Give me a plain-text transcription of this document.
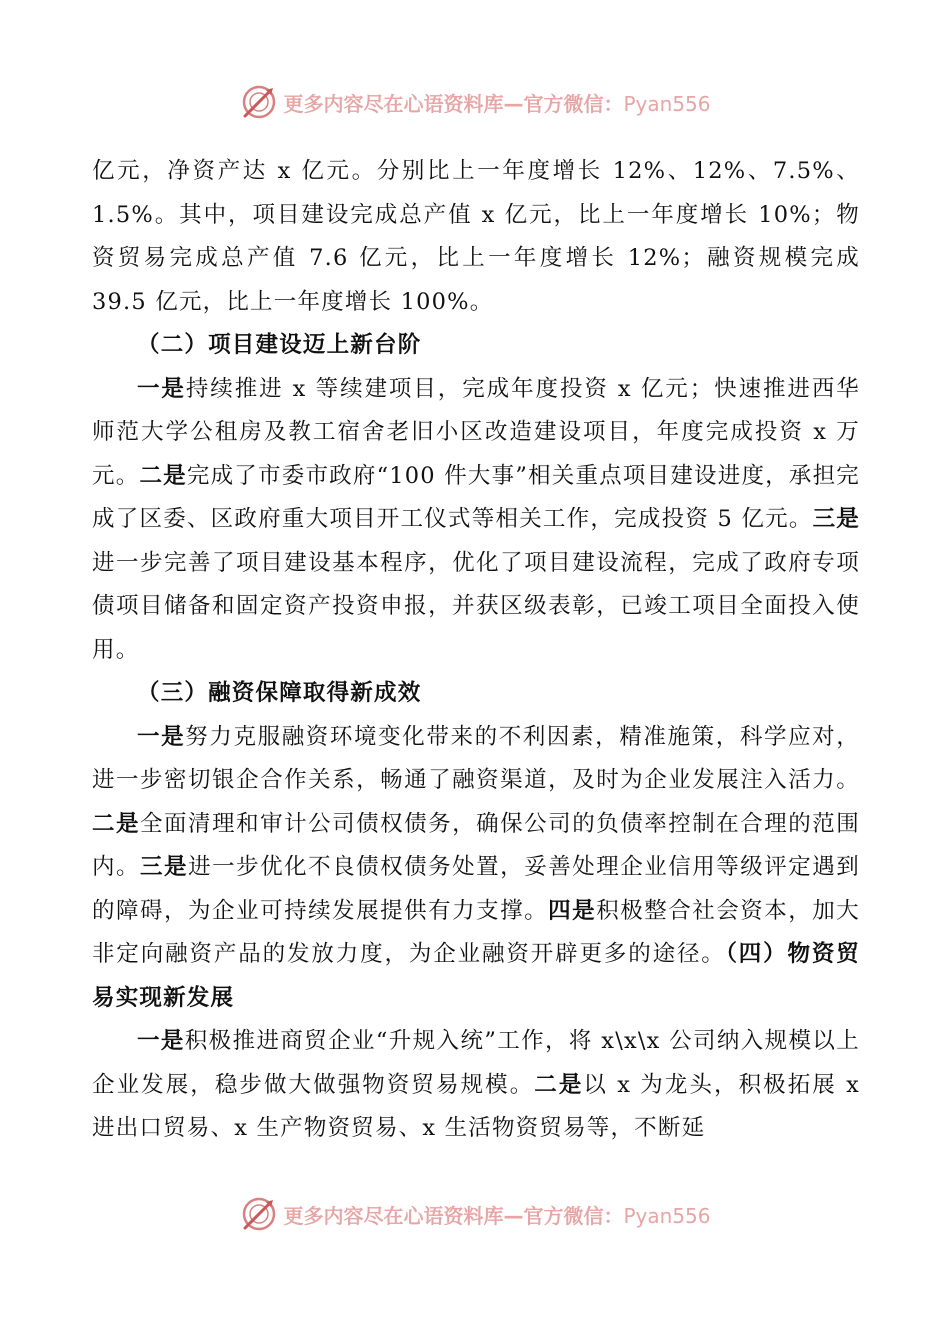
更多内容尽在心语资料库—官方微信：Pyan556

亿元，净资产达 x 亿元。分别比上一年度增长 12%、12%、7.5%、1.5%。其中，项目建设完成总产值 x 亿元，比上一年度增长 10%；物资贸易完成总产值 7.6 亿元，比上一年度增长 12%；融资规模完成 39.5 亿元，比上一年度增长 100%。

（二）项目建设迈上新台阶

一是持续推进 x 等续建项目，完成年度投资 x 亿元；快速推进西华师范大学公租房及教工宿舍老旧小区改造建设项目，年度完成投资 x 万元。二是完成了市委市政府“100 件大事”相关重点项目建设进度，承担完成了区委、区政府重大项目开工仪式等相关工作，完成投资 5 亿元。三是进一步完善了项目建设基本程序，优化了项目建设流程，完成了政府专项债项目储备和固定资产投资申报，并获区级表彰，已竣工项目全面投入使用。

（三）融资保障取得新成效

一是努力克服融资环境变化带来的不利因素，精准施策，科学应对，进一步密切银企合作关系，畅通了融资渠道，及时为企业发展注入活力。二是全面清理和审计公司债权债务，确保公司的负债率控制在合理的范围内。三是进一步优化不良债权债务处置，妥善处理企业信用等级评定遇到的障碍，为企业可持续发展提供有力支撑。四是积极整合社会资本，加大非定向融资产品的发放力度，为企业融资开辟更多的途径。（四）物资贸易实现新发展

一是积极推进商贸企业“升规入统”工作，将 x\x\x 公司纳入规模以上企业发展，稳步做大做强物资贸易规模。二是以 x 为龙头，积极拓展 x 进出口贸易、x 生产物资贸易、x 生活物资贸易等，不断延

更多内容尽在心语资料库—官方微信：Pyan556
